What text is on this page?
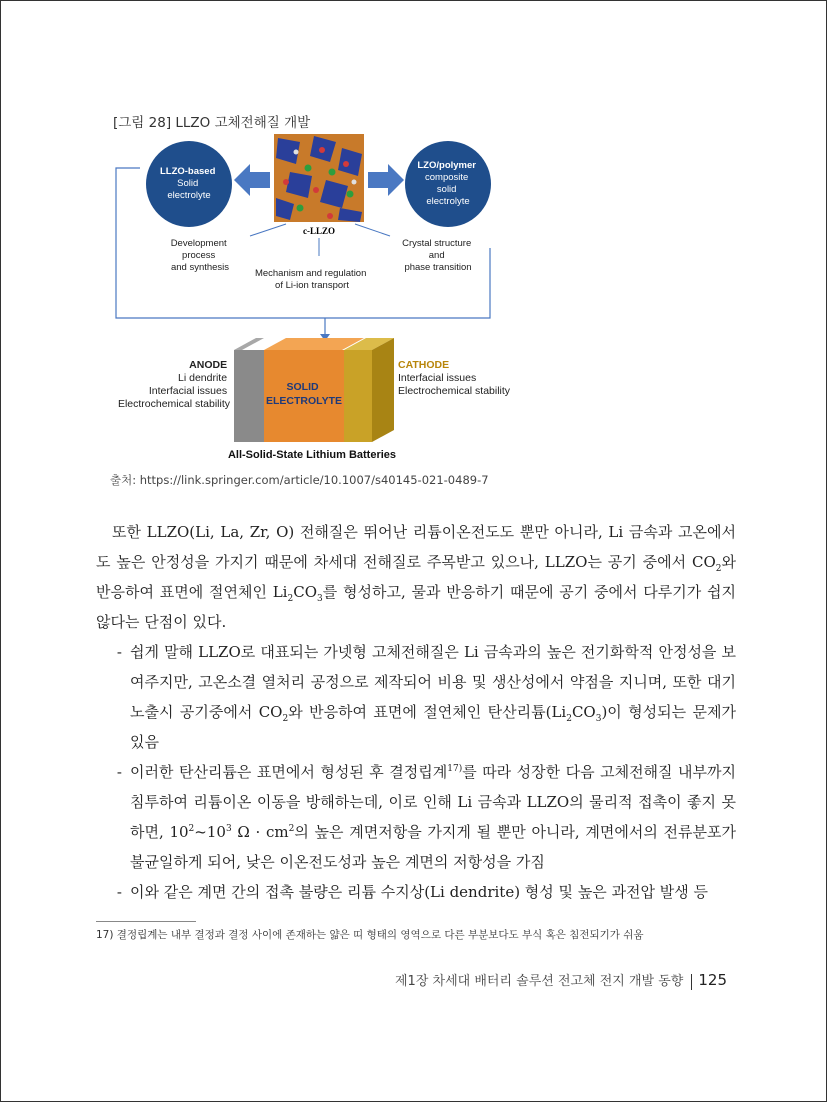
[그림 28] LLZO 고체전해질 개발
LLZO-based Solid electrolyte
LZO/polymer composite solid electrolyte
c-LLZO
Development process and synthesis
Mechanism and regulation of Li-ion transport
Crystal structure and phase transition
SOLID ELECTROLYTE
ANODE Li dendrite Interfacial issues Electrochemical stability
CATHODE Interfacial issues Electrochemical stability
All-Solid-State Lithium Batteries
출처: https://link.springer.com/article/10.1007/s40145-021-0489-7

또한 LLZO(Li, La, Zr, O) 전해질은 뛰어난 리튬이온전도도 뿐만 아니라, Li 금속과 고온에서도 높은 안정성을 가지기 때문에 차세대 전해질로 주목받고 있으나, LLZO는 공기 중에서 $CO_2$와 반응하여 표면에 절연체인 $Li_2CO_3$를 형성하고, 물과 반응하기 때문에 공기 중에서 다루기가 쉽지 않다는 단점이 있다.

- 쉽게 말해 LLZO로 대표되는 가넷형 고체전해질은 Li 금속과의 높은 전기화학적 안정성을 보여주지만, 고온소결 열처리 공정으로 제작되어 비용 및 생산성에서 약점을 지니며, 또한 대기 노출시 공기중에서 $CO_2$와 반응하여 표면에 절연체인 탄산리튬$(Li_2CO_3)$이 형성되는 문제가 있음
- 이러한 탄산리튬은 표면에서 형성된 후 결정립계$^{17)}$를 따라 성장한 다음 고체전해질 내부까지 침투하여 리튬이온 이동을 방해하는데, 이로 인해 Li 금속과 LLZO의 물리적 접촉이 좋지 못하면, $10^2\sim 10^3$ $\Omega \cdot cm^2$의 높은 계면저항을 가지게 될 뿐만 아니라, 계면에서의 전류분포가 불균일하게 되어, 낮은 이온전도성과 높은 계면의 저항성을 가짐
- 이와 같은 계면 간의 접촉 불량은 리튬 수지상(Li dendrite) 형성 및 높은 과전압 발생 등
17) 결정립계는 내부 결정과 결정 사이에 존재하는 얇은 띠 형태의 영역으로 다른 부분보다도 부식 혹은 침전되기가 쉬움
제1장 차세대 배터리 솔루션 전고체 전지 개발 동향 125
